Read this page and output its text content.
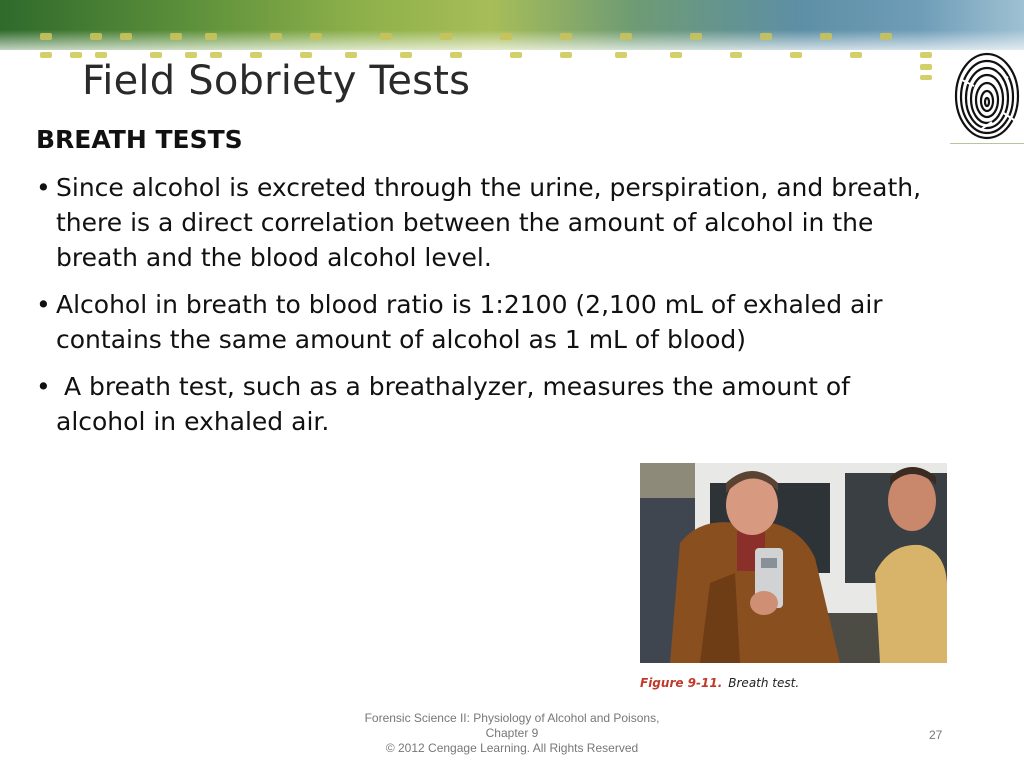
Field Sobriety Tests
BREATH TESTS
• Since alcohol is excreted through the urine, perspiration, and breath, there is a direct correlation between the amount of alcohol in the breath and the blood alcohol level.
• Alcohol in breath to blood ratio is 1:2100 (2,100 mL of exhaled air contains the same amount of alcohol as 1 mL of blood)
• A breath test, such as a breathalyzer, measures the amount of alcohol in exhaled air.
Figure 9-11. Breath test.
Forensic Science II: Physiology of Alcohol and Poisons,
Chapter 9
© 2012 Cengage Learning. All Rights Reserved
27
